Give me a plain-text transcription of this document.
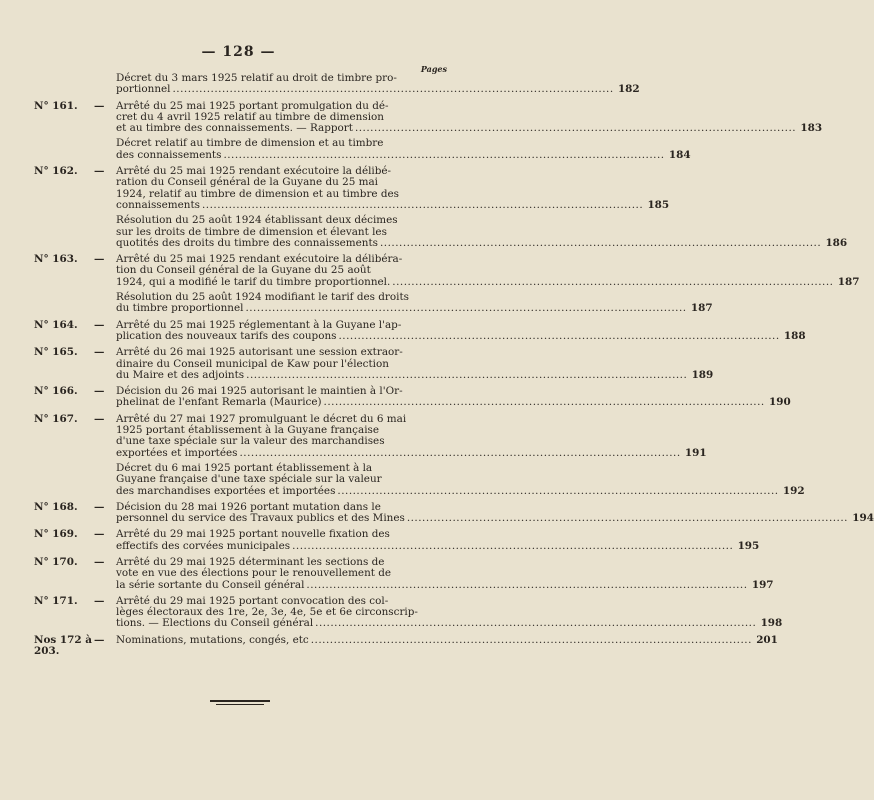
— 128 —
Pages
Décret du 3 mars 1925 relatif au droit de timbre pro-
portionnel .....	182
N° 161. — Arrêté du 25 mai 1925 portant promulgation du dé-
cret du 4 avril 1925 relatif au timbre de dimension
et au timbre des connaissements. — Rapport .....	183
Décret relatif au timbre de dimension et au timbre
des connaissements .....	184
N° 162. — Arrêté du 25 mai 1925 rendant exécutoire la délibé-
ration du Conseil général de la Guyane du 25 mai
1924, relatif au timbre de dimension et au timbre des
connaissements .....	185
Résolution du 25 août 1924 établissant deux décimes
sur les droits de timbre de dimension et élevant les
quotités des droits du timbre des connaissements .....	186
N° 163. — Arrêté du 25 mai 1925 rendant exécutoire la délibéra-
tion du Conseil général de la Guyane du 25 août
1924, qui a modifié le tarif du timbre proportionnel. .....	187
Résolution du 25 août 1924 modifiant le tarif des droits
du timbre proportionnel .....	187
N° 164. — Arrêté du 25 mai 1925 réglementant à la Guyane l'ap-
plication des nouveaux tarifs des coupons .....	188
N° 165. — Arrêté du 26 mai 1925 autorisant une session extraor-
dinaire du Conseil municipal de Kaw pour l'élection
du Maire et des adjoints .....	189
N° 166. — Décision du 26 mai 1925 autorisant le maintien à l'Or-
phelinat de l'enfant Remarla (Maurice) .....	190
N° 167. — Arrêté du 27 mai 1927 promulguant le décret du 6 mai
1925 portant établissement à la Guyane française
d'une taxe spéciale sur la valeur des marchandises
exportées et importées .....	191
Décret du 6 mai 1925 portant établissement à la
Guyane française d'une taxe spéciale sur la valeur
des marchandises exportées et importées .....	192
N° 168. — Décision du 28 mai 1926 portant mutation dans le
personnel du service des Travaux publics et des Mines .....	194
N° 169. — Arrêté du 29 mai 1925 portant nouvelle fixation des
effectifs des corvées municipales .....	195
N° 170. — Arrêté du 29 mai 1925 déterminant les sections de
vote en vue des élections pour le renouvellement de
la série sortante du Conseil général .....	197
N° 171. — Arrêté du 29 mai 1925 portant convocation des col-
lèges électoraux des 1re, 2e, 3e, 4e, 5e et 6e circonscrip-
tions. — Elections du Conseil général .....	198
Nos 172 à 203.
— Nominations, mutations, congés, etc .....	201
